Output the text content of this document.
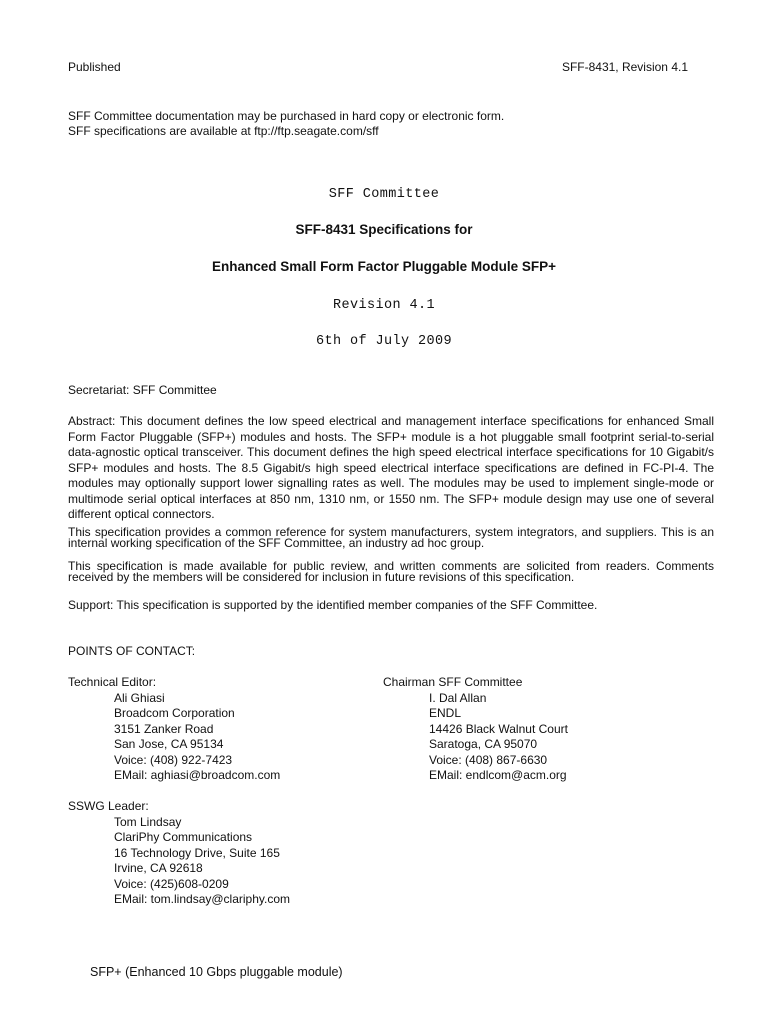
Published	SFF-8431, Revision 4.1
SFF Committee documentation may be purchased in hard copy or electronic form.
SFF specifications are available at ftp://ftp.seagate.com/sff
SFF Committee
SFF-8431 Specifications for
Enhanced Small Form Factor Pluggable Module SFP+
Revision 4.1
6th of July 2009
Secretariat: SFF Committee
Abstract: This document defines the low speed electrical and management interface specifications for enhanced Small Form Factor Pluggable (SFP+) modules and hosts. The SFP+ module is a hot pluggable small footprint serial-to-serial data-agnostic optical transceiver. This document defines the high speed electrical interface specifications for 10 Gigabit/s SFP+ modules and hosts. The 8.5 Gigabit/s high speed electrical interface specifications are defined in FC-PI-4. The modules may optionally support lower signalling rates as well. The modules may be used to implement single-mode or multimode serial optical interfaces at 850 nm, 1310 nm, or 1550 nm. The SFP+ module design may use one of several different optical connectors.
This specification provides a common reference for system manufacturers, system integrators, and suppliers. This is an internal working specification of the SFF Committee, an industry ad hoc group.
This specification is made available for public review, and written comments are solicited from readers. Comments received by the members will be considered for inclusion in future revisions of this specification.
Support: This specification is supported by the identified member companies of the SFF Committee.
POINTS OF CONTACT:
Technical Editor:
Ali Ghiasi
Broadcom Corporation
3151 Zanker Road
San Jose, CA 95134
Voice: (408) 922-7423
EMail: aghiasi@broadcom.com
Chairman SFF Committee
I. Dal Allan
ENDL
14426 Black Walnut Court
Saratoga, CA 95070
Voice: (408) 867-6630
EMail: endlcom@acm.org
SSWG Leader:
Tom Lindsay
ClariPhy Communications
16 Technology Drive, Suite 165
Irvine, CA 92618
Voice: (425)608-0209
EMail: tom.lindsay@clariphy.com
SFP+ (Enhanced 10 Gbps pluggable module)
